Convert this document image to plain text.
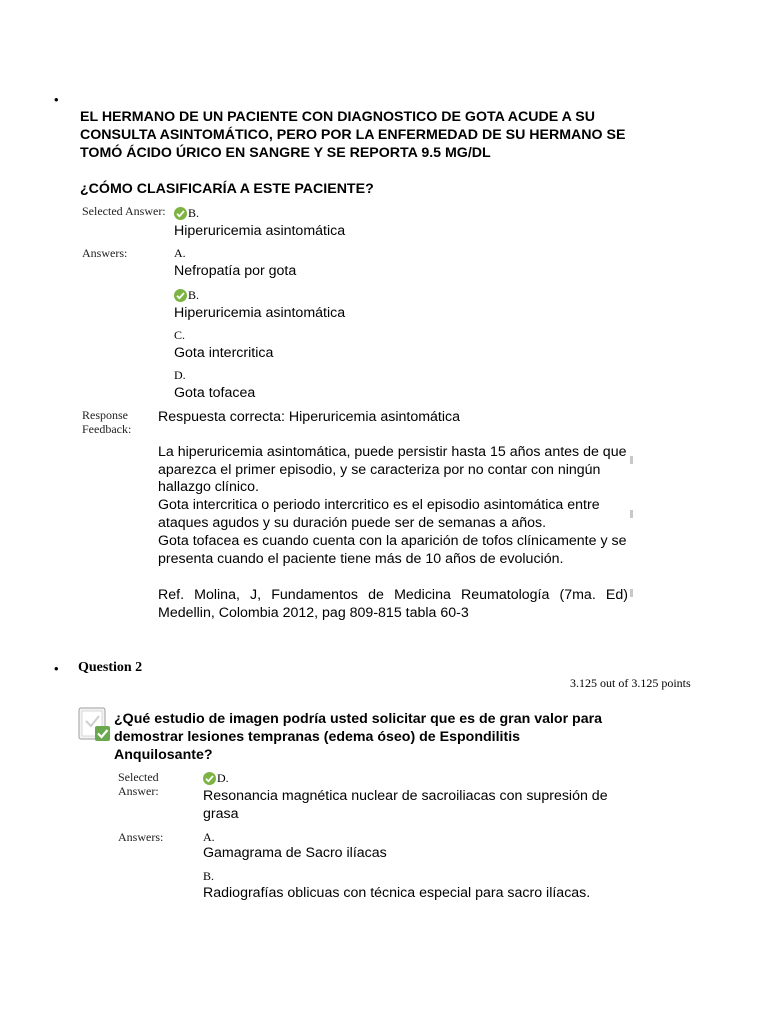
•
EL HERMANO DE UN PACIENTE CON DIAGNOSTICO DE GOTA ACUDE A SU CONSULTA ASINTOMÁTICO, PERO POR LA ENFERMEDAD DE SU HERMANO SE TOMÓ ÁCIDO ÚRICO EN SANGRE Y SE REPORTA 9.5 MG/DL
¿CÓMO CLASIFICARÍA A ESTE PACIENTE?
Selected Answer: B.
Hiperuricemia asintomática
Answers:	A.
Nefropatía por gota
B.
Hiperuricemia asintomática
C.
Gota intercritica
D.
Gota tofacea
Response
Feedback:
Respuesta correcta: Hiperuricemia asintomática
La hiperuricemia asintomática, puede persistir hasta 15 años antes de que aparezca el primer episodio, y se caracteriza por no contar con ningún hallazgo clínico.
Gota intercritica o periodo intercritico es el episodio asintomática entre ataques agudos y su duración puede ser de semanas a años.
Gota tofacea es cuando cuenta con la aparición de tofos clínicamente y se presenta cuando el paciente tiene más de 10 años de evolución.
Ref. Molina, J, Fundamentos de Medicina Reumatología (7ma. Ed) Medellin, Colombia 2012, pag 809-815 tabla 60-3
• Question 2
3.125 out of 3.125 points
¿Qué estudio de imagen podría usted solicitar que es de gran valor para demostrar lesiones tempranas (edema óseo) de Espondilitis Anquilosante?
Selected
Answer:
D.
Resonancia magnética nuclear de sacroiliacas con supresión de grasa
Answers:	A.
Gamagrama de Sacro ilíacas
B.
Radiografías oblicuas con técnica especial para sacro ilíacas.
